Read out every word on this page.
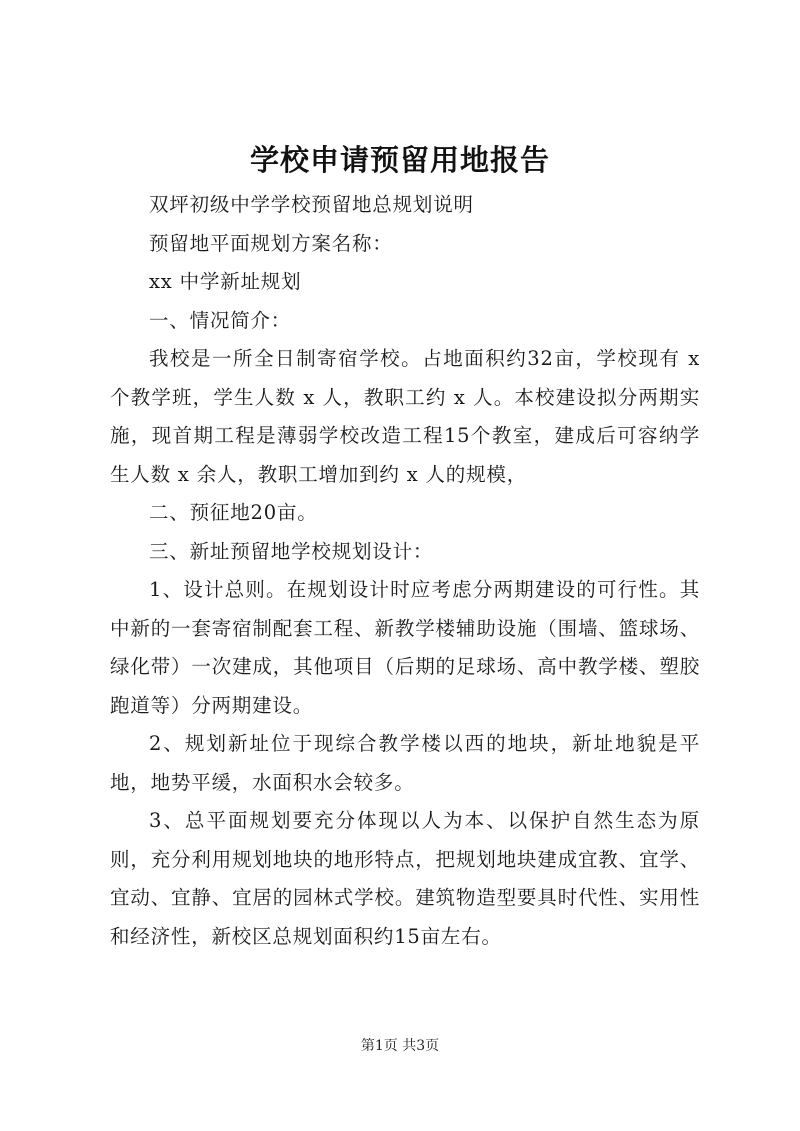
学校申请预留用地报告

双坪初级中学学校预留地总规划说明

预留地平面规划方案名称：

xx 中学新址规划

一、情况简介：

我校是一所全日制寄宿学校。占地面积约32亩，学校现有 x 个教学班，学生人数 x 人，教职工约 x 人。本校建设拟分两期实施，现首期工程是薄弱学校改造工程15个教室，建成后可容纳学生人数 x 余人，教职工增加到约 x 人的规模，

二、预征地20亩。

三、新址预留地学校规划设计：

1、设计总则。在规划设计时应考虑分两期建设的可行性。其中新的一套寄宿制配套工程、新教学楼辅助设施（围墙、篮球场、绿化带）一次建成，其他项目（后期的足球场、高中教学楼、塑胶跑道等）分两期建设。

2、规划新址位于现综合教学楼以西的地块，新址地貌是平地，地势平缓，水面积水会较多。

3、总平面规划要充分体现以人为本、以保护自然生态为原则，充分利用规划地块的地形特点，把规划地块建成宜教、宜学、宜动、宜静、宜居的园林式学校。建筑物造型要具时代性、实用性和经济性，新校区总规划面积约15亩左右。

第1页 共3页
